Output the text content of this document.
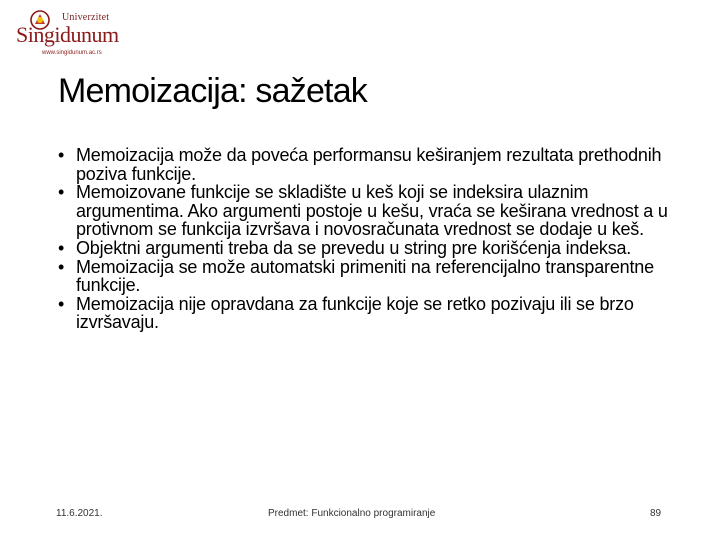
Univerzitet
Singidunum
www.singidunum.ac.rs
Memoizacija: sažetak
• Memoizacija može da poveća performansu keširanjem rezultata prethodnih poziva funkcije.
• Memoizovane funkcije se skladište u keš koji se indeksira ulaznim argumentima. Ako argumenti postoje u kešu, vraća se keširana vrednost a u protivnom se funkcija izvršava i novosračunata vrednost se dodaje u keš.
• Objektni argumenti treba da se prevedu u string pre korišćenja indeksa.
• Memoizacija se može automatski primeniti na referencijalno transparentne funkcije.
• Memoizacija nije opravdana za funkcije koje se retko pozivaju ili se brzo izvršavaju.
11.6.2021.	Predmet: Funkcionalno programiranje	89
